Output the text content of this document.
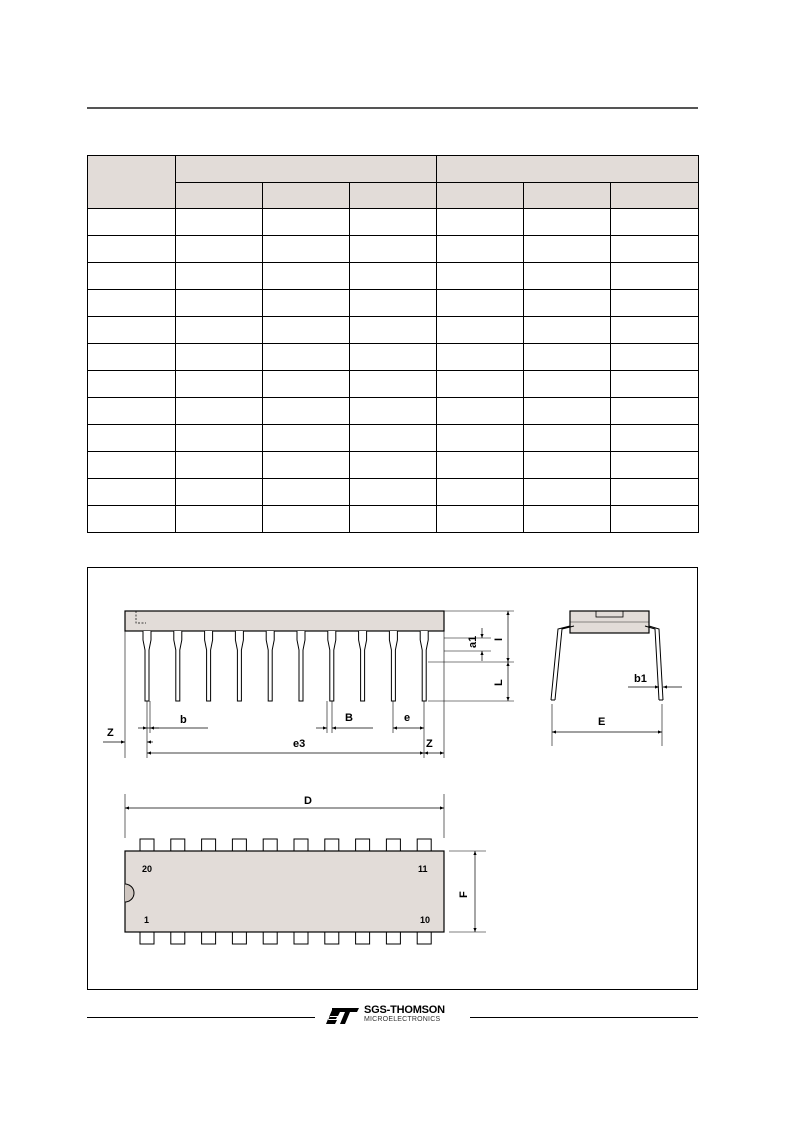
Z
b	B	e
e3	Z
I
L
a1
E
b1
D
F
20	11
1	10
SGS-THOMSON
MICROELECTRONICS
